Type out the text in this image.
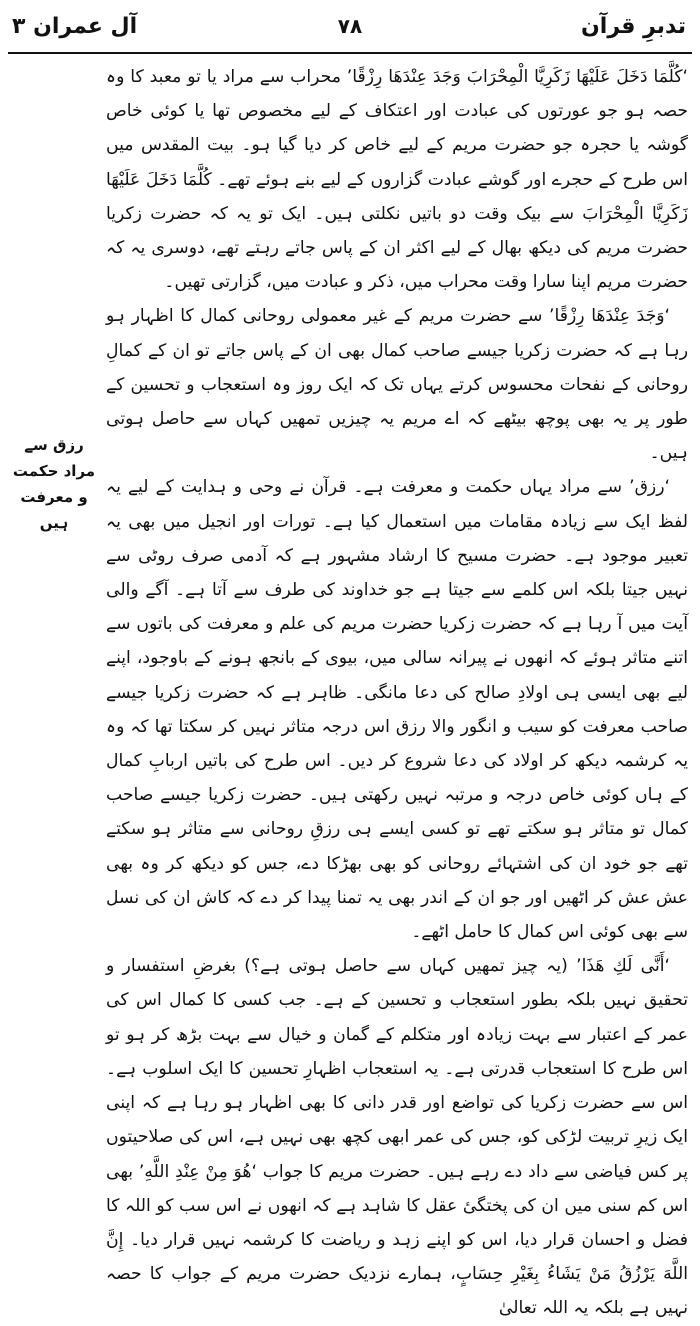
تدبرِ قرآن
٧٨
آل عمران ۳

‘كُلَّمَا دَخَلَ عَلَيْهَا زَكَرِيَّا الْمِحْرَابَ وَجَدَ عِنْدَهَا رِزْقًا’ محراب سے مراد یا تو معبد کا وہ حصہ ہو جو عورتوں کی عبادت اور اعتکاف کے لیے مخصوص تھا یا کوئی خاص گوشہ یا حجرہ جو حضرت مریم کے لیے خاص کر دیا گیا ہو۔ بیت المقدس میں اس طرح کے حجرے اور گوشے عبادت گزاروں کے لیے بنے ہوئے تھے۔ كُلَّمَا دَخَلَ عَلَيْهَا زَكَرِيَّا الْمِحْرَابَ سے بیک وقت دو باتیں نکلتی ہیں۔ ایک تو یہ کہ حضرت زکریا حضرت مریم کی دیکھ بھال کے لیے اکثر ان کے پاس جاتے رہتے تھے، دوسری یہ کہ حضرت مریم اپنا سارا وقت محراب میں، ذکر و عبادت میں، گزارتی تھیں۔

‘وَجَدَ عِنْدَهَا رِزْقًا’ سے حضرت مریم کے غیر معمولی روحانی کمال کا اظہار ہو رہا ہے کہ حضرت زکریا جیسے صاحب کمال بھی ان کے پاس جاتے تو ان کے کمالِ روحانی کے نفحات محسوس کرتے یہاں تک کہ ایک روز وہ استعجاب و تحسین کے طور پر یہ بھی پوچھ بیٹھے کہ اے مریم یہ چیزیں تمھیں کہاں سے حاصل ہوتی ہیں۔

‘رزق’ سے مراد یہاں حکمت و معرفت ہے۔ قرآن نے وحی و ہدایت کے لیے یہ لفظ ایک سے زیادہ مقامات میں استعمال کیا ہے۔ تورات اور انجیل میں بھی یہ تعبیر موجود ہے۔ حضرت مسیح کا ارشاد مشہور ہے کہ آدمی صرف روٹی سے نہیں جیتا بلکہ اس کلمے سے جیتا ہے جو خداوند کی طرف سے آتا ہے۔ آگے والی آیت میں آ رہا ہے کہ حضرت زکریا حضرت مریم کی علم و معرفت کی باتوں سے اتنے متاثر ہوئے کہ انھوں نے پیرانہ سالی میں، بیوی کے بانجھ ہونے کے باوجود، اپنے لیے بھی ایسی ہی اولادِ صالح کی دعا مانگی۔ ظاہر ہے کہ حضرت زکریا جیسے صاحب معرفت کو سیب و انگور والا رزق اس درجہ متاثر نہیں کر سکتا تھا کہ وہ یہ کرشمہ دیکھ کر اولاد کی دعا شروع کر دیں۔ اس طرح کی باتیں اربابِ کمال کے ہاں کوئی خاص درجہ و مرتبہ نہیں رکھتی ہیں۔ حضرت زکریا جیسے صاحب کمال تو متاثر ہو سکتے تھے تو کسی ایسے ہی رزقِ روحانی سے متاثر ہو سکتے تھے جو خود ان کی اشتہائے روحانی کو بھی بھڑکا دے، جس کو دیکھ کر وہ بھی عش عش کر اٹھیں اور جو ان کے اندر بھی یہ تمنا پیدا کر دے کہ کاش ان کی نسل سے بھی کوئی اس کمال کا حامل اٹھے۔

‘أَنَّى لَكِ هَذَا’ (یہ چیز تمھیں کہاں سے حاصل ہوتی ہے؟) بغرضِ استفسار و تحقیق نہیں بلکہ بطور استعجاب و تحسین کے ہے۔ جب کسی کا کمال اس کی عمر کے اعتبار سے بہت زیادہ اور متکلم کے گمان و خیال سے بہت بڑھ کر ہو تو اس طرح کا استعجاب قدرتی ہے۔ یہ استعجاب اظہارِ تحسین کا ایک اسلوب ہے۔ اس سے حضرت زکریا کی تواضع اور قدر دانی کا بھی اظہار ہو رہا ہے کہ اپنی ایک زیرِ تربیت لڑکی کو، جس کی عمر ابھی کچھ بھی نہیں ہے، اس کی صلاحیتوں پر کس فیاضی سے داد دے رہے ہیں۔ حضرت مریم کا جواب ‘هُوَ مِنْ عِنْدِ اللَّهِ’ بھی اس کم سنی میں ان کی پختگیٔ عقل کا شاہد ہے کہ انھوں نے اس سب کو اللہ کا فضل و احسان قرار دیا، اس کو اپنے زہد و ریاضت کا کرشمہ نہیں قرار دیا۔ إِنَّ اللَّهَ يَرْزُقُ مَنْ يَشَاءُ بِغَيْرِ حِسَابٍ، ہمارے نزدیک حضرت مریم کے جواب کا حصہ نہیں ہے بلکہ یہ اللہ تعالیٰ

رزق سے مراد حکمت و معرفت ہیں
